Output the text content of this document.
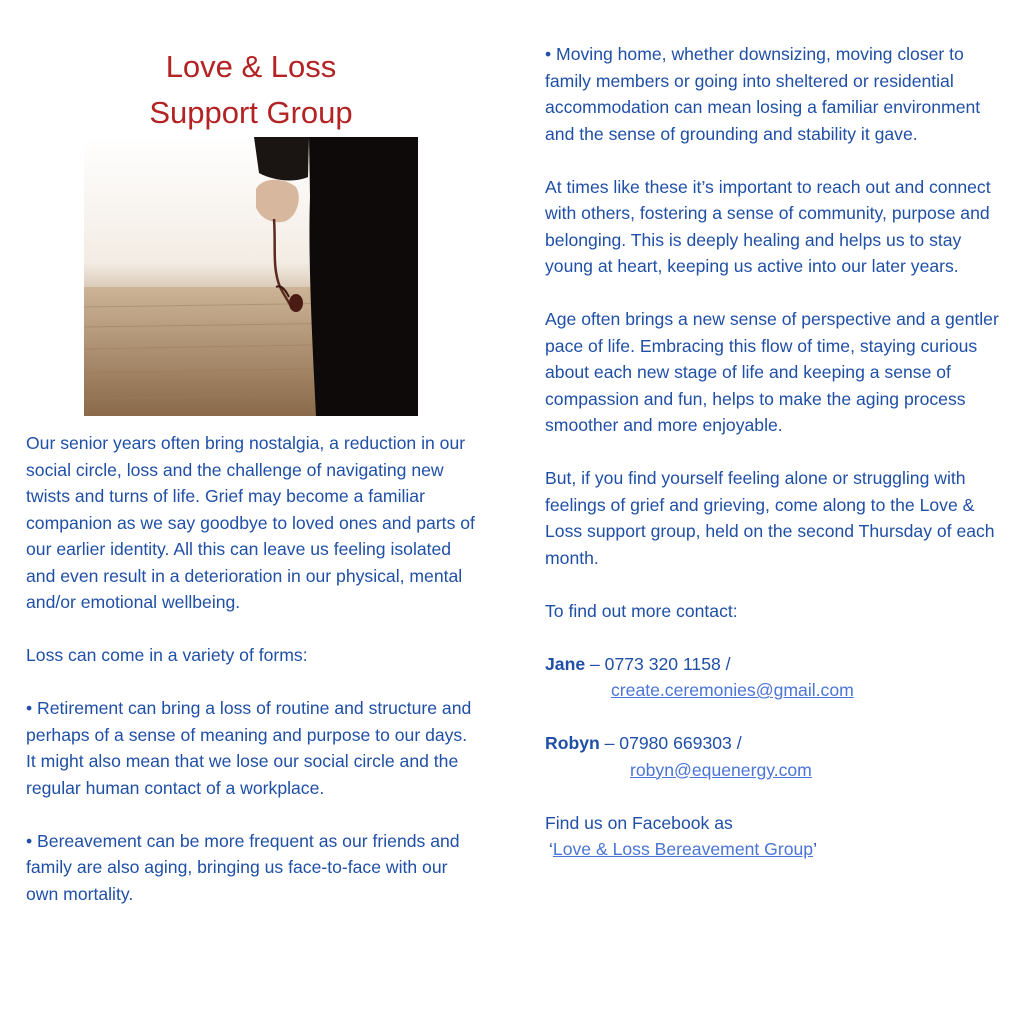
Love & Loss
Support Group

Our senior years often bring nostalgia, a reduction in our social circle, loss and the challenge of navigating new twists and turns of life. Grief may become a familiar companion as we say goodbye to loved ones and parts of our earlier identity. All this can leave us feeling isolated and even result in a deterioration in our physical, mental and/or emotional wellbeing.

Loss can come in a variety of forms:

• Retirement can bring a loss of routine and structure and perhaps of a sense of meaning and purpose to our days. It might also mean that we lose our social circle and the regular human contact of a workplace.

• Bereavement can be more frequent as our friends and family are also aging, bringing us face-to-face with our own mortality.

• Moving home, whether downsizing, moving closer to family members or going into sheltered or residential accommodation can mean losing a familiar environment and the sense of grounding and stability it gave.

At times like these it’s important to reach out and connect with others, fostering a sense of community, purpose and belonging. This is deeply healing and helps us to stay young at heart, keeping us active into our later years.

Age often brings a new sense of perspective and a gentler pace of life. Embracing this flow of time, staying curious about each new stage of life and keeping a sense of compassion and fun, helps to make the aging process smoother and more enjoyable.

But, if you find yourself feeling alone or struggling with feelings of grief and grieving, come along to the Love & Loss support group, held on the second Thursday of each month.

To find out more contact:

Jane – 0773 320 1158 /
create.ceremonies@gmail.com

Robyn – 07980 669303 /
robyn@equenergy.com

Find us on Facebook as
‘Love & Loss Bereavement Group’
